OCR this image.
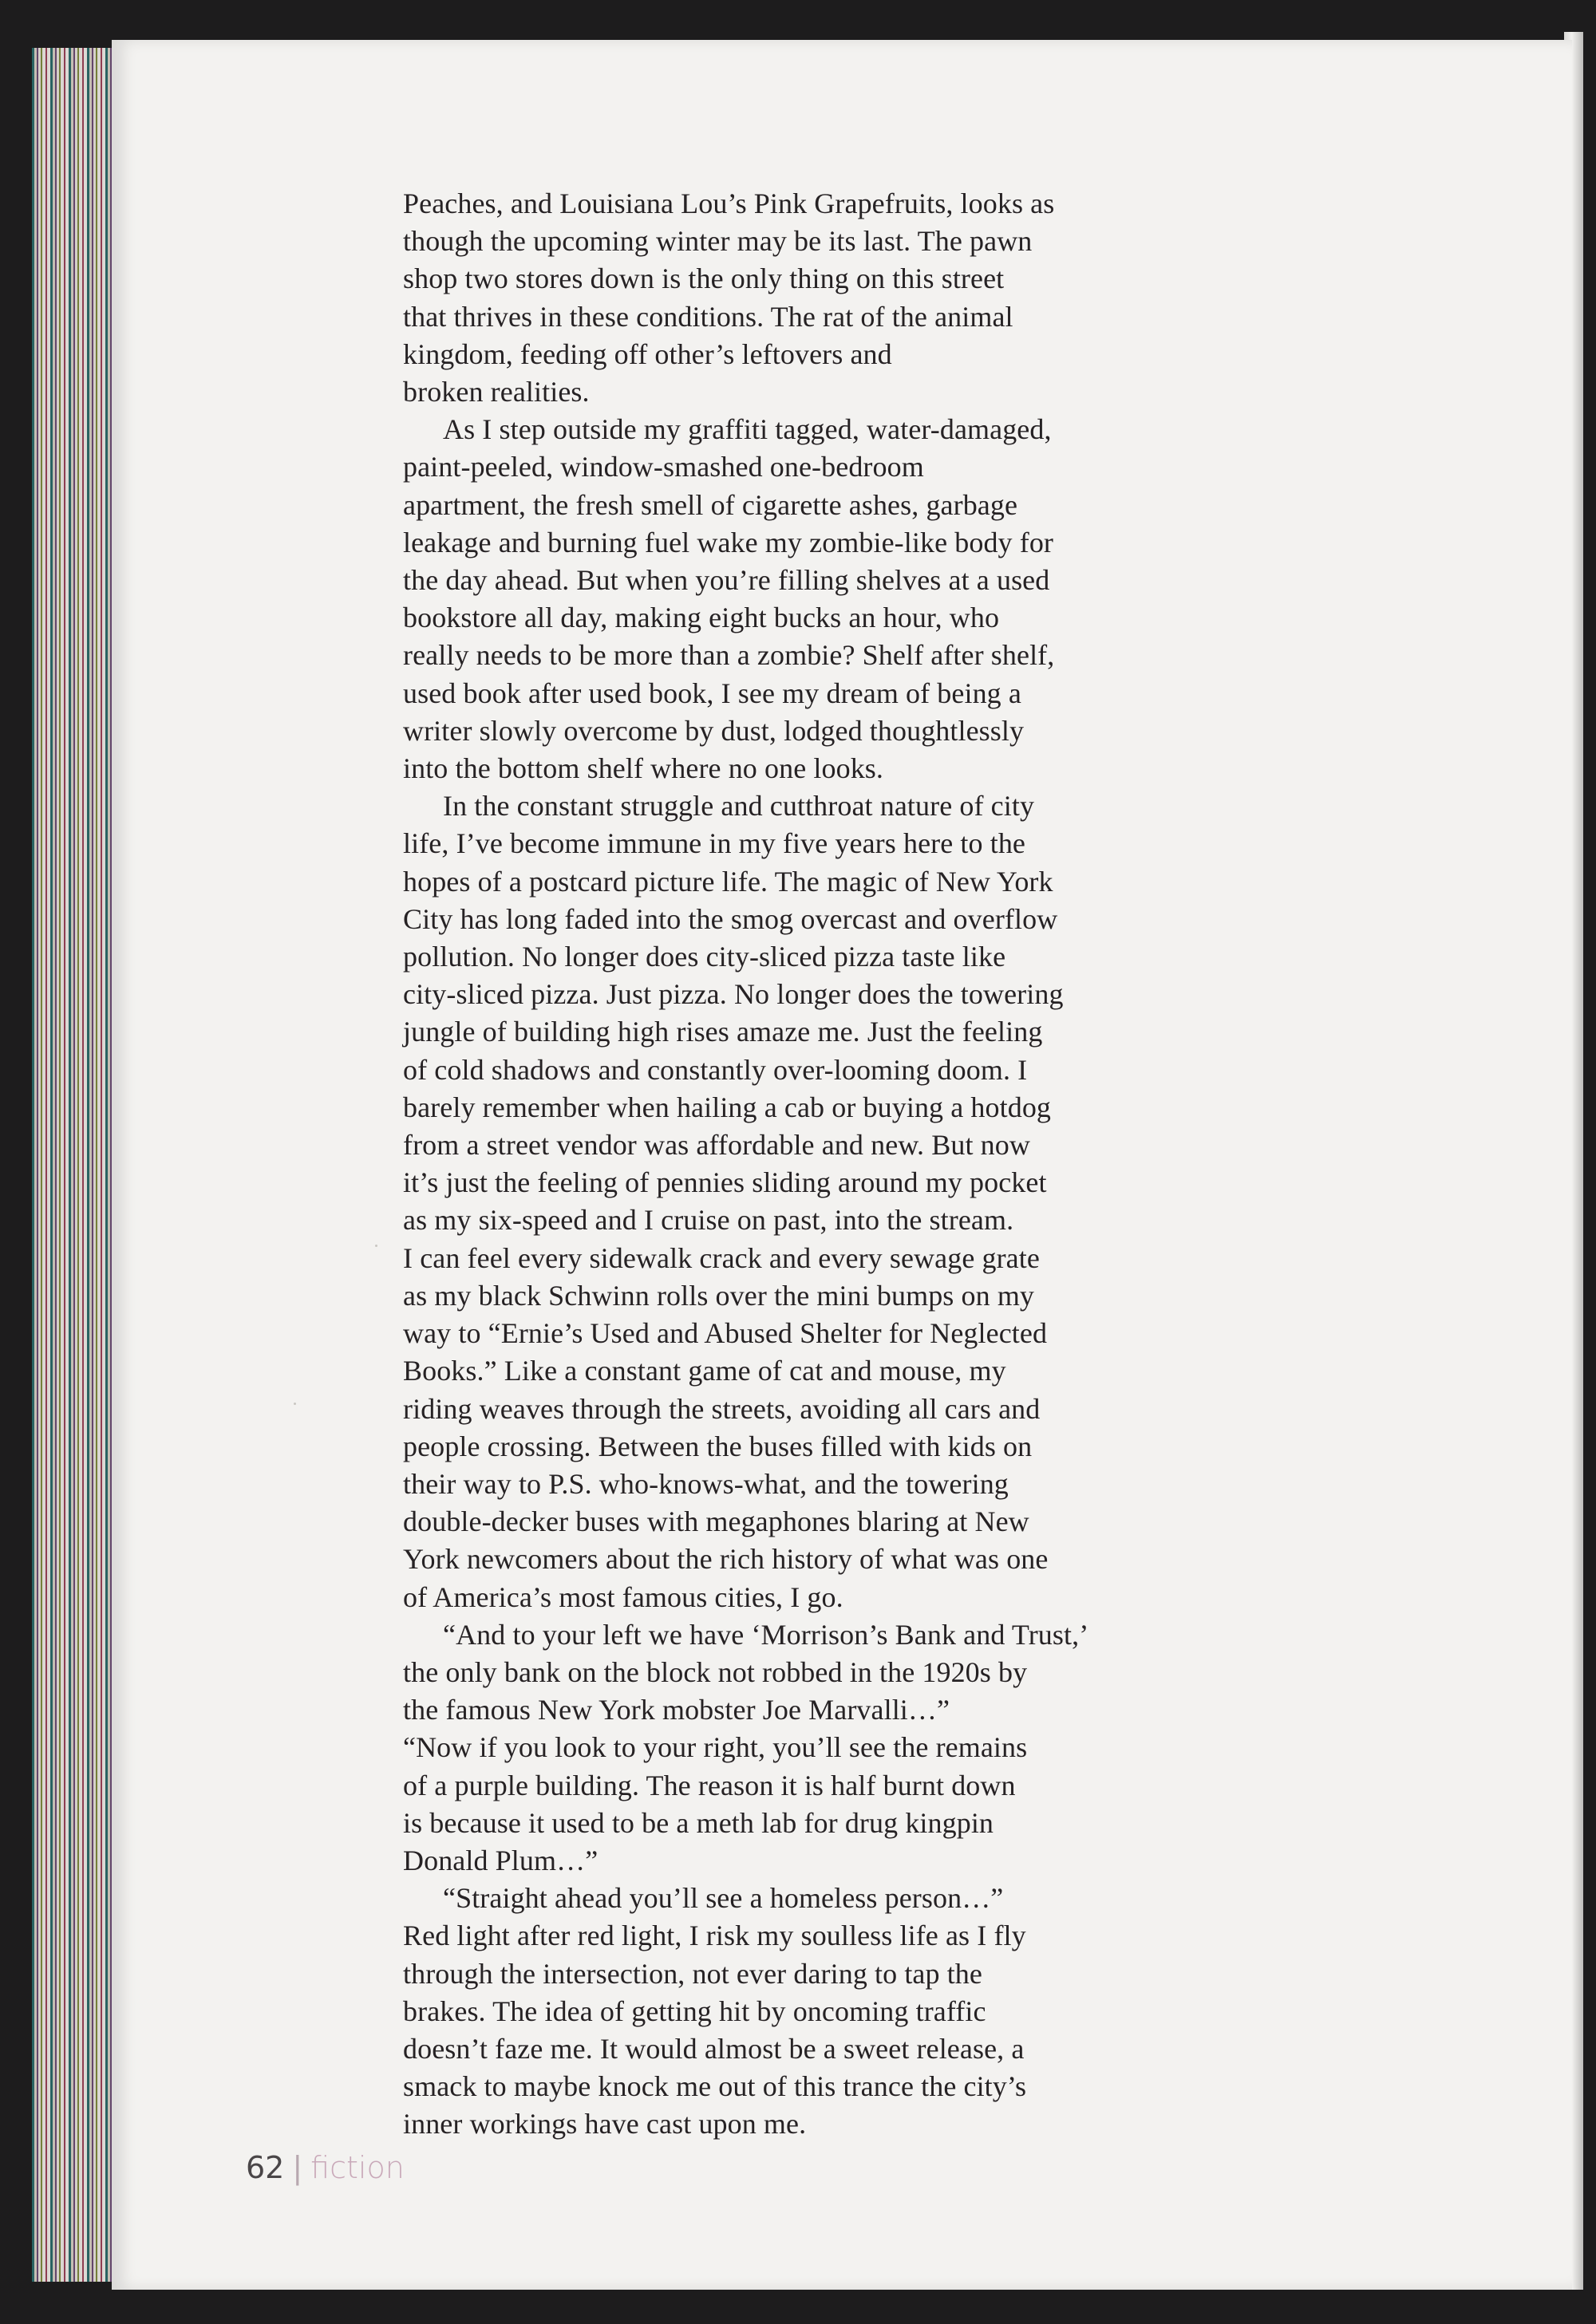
Peaches, and Louisiana Lou’s Pink Grapefruits, looks as
though the upcoming winter may be its last. The pawn
shop two stores down is the only thing on this street
that thrives in these conditions. The rat of the animal
kingdom, feeding off other’s leftovers and
broken realities.
As I step outside my graffiti tagged, water-damaged,
paint-peeled, window-smashed one-bedroom
apartment, the fresh smell of cigarette ashes, garbage
leakage and burning fuel wake my zombie-like body for
the day ahead. But when you’re filling shelves at a used
bookstore all day, making eight bucks an hour, who
really needs to be more than a zombie? Shelf after shelf,
used book after used book, I see my dream of being a
writer slowly overcome by dust, lodged thoughtlessly
into the bottom shelf where no one looks.
In the constant struggle and cutthroat nature of city
life, I’ve become immune in my five years here to the
hopes of a postcard picture life. The magic of New York
City has long faded into the smog overcast and overflow
pollution. No longer does city-sliced pizza taste like
city-sliced pizza. Just pizza. No longer does the towering
jungle of building high rises amaze me. Just the feeling
of cold shadows and constantly over-looming doom. I
barely remember when hailing a cab or buying a hotdog
from a street vendor was affordable and new. But now
it’s just the feeling of pennies sliding around my pocket
as my six-speed and I cruise on past, into the stream.
I can feel every sidewalk crack and every sewage grate
as my black Schwinn rolls over the mini bumps on my
way to “Ernie’s Used and Abused Shelter for Neglected
Books.” Like a constant game of cat and mouse, my
riding weaves through the streets, avoiding all cars and
people crossing. Between the buses filled with kids on
their way to P.S. who-knows-what, and the towering
double-decker buses with megaphones blaring at New
York newcomers about the rich history of what was one
of America’s most famous cities, I go.
“And to your left we have ‘Morrison’s Bank and Trust,’
the only bank on the block not robbed in the 1920s by
the famous New York mobster Joe Marvalli…”
“Now if you look to your right, you’ll see the remains
of a purple building. The reason it is half burnt down
is because it used to be a meth lab for drug kingpin
Donald Plum…”
“Straight ahead you’ll see a homeless person…”
Red light after red light, I risk my soulless life as I fly
through the intersection, not ever daring to tap the
brakes. The idea of getting hit by oncoming traffic
doesn’t faze me. It would almost be a sweet release, a
smack to maybe knock me out of this trance the city’s
inner workings have cast upon me.
62 | fiction
